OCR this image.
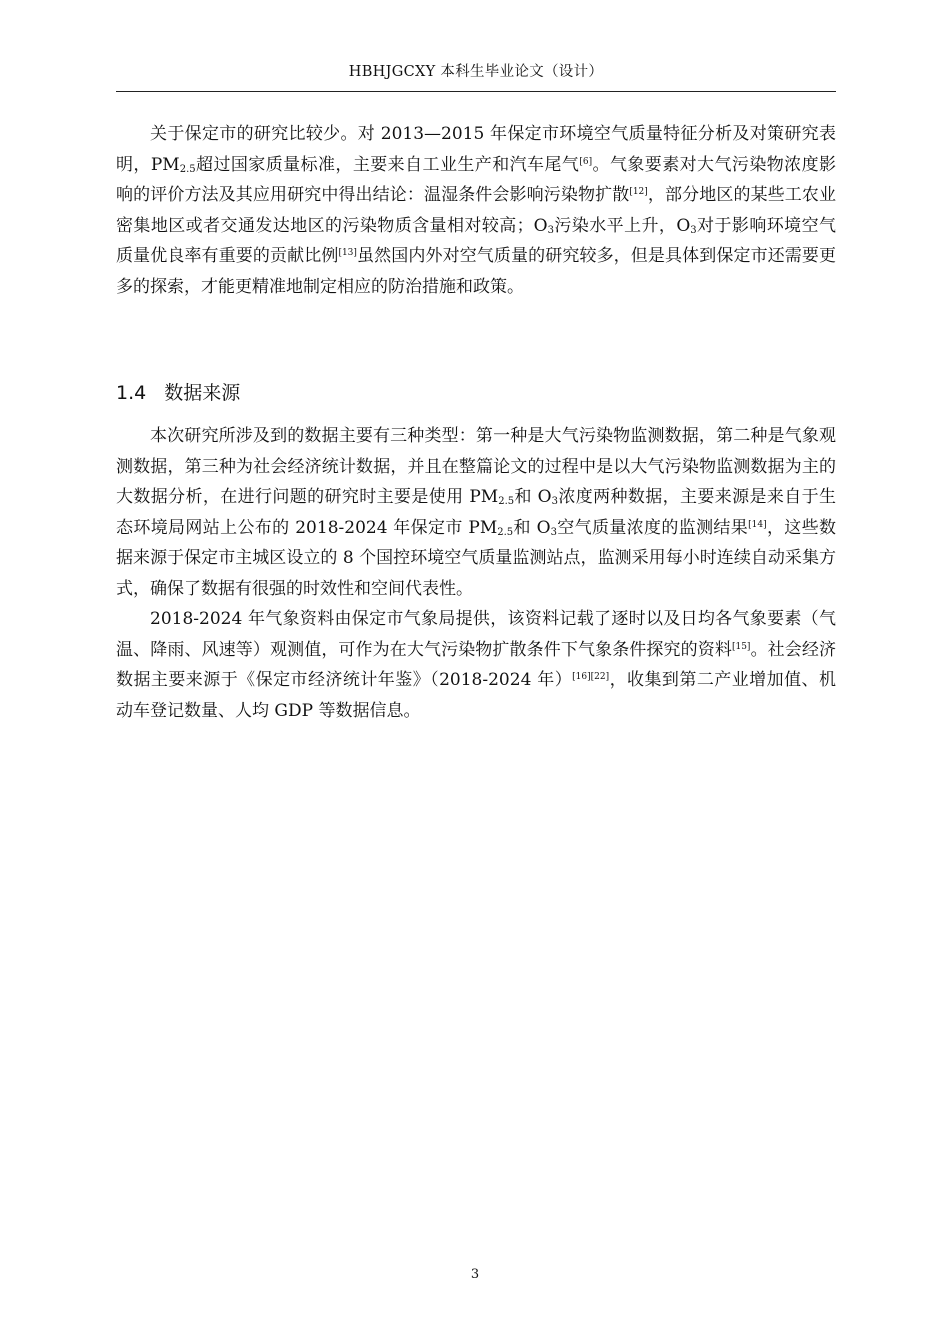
HBHJGCXY 本科生毕业论文（设计）

关于保定市的研究比较少。对 2013—2015 年保定市环境空气质量特征分析及对策研究表明，$PM_{2.5}$超过国家质量标准，主要来自工业生产和汽车尾气[6]。气象要素对大气污染物浓度影响的评价方法及其应用研究中得出结论：温湿条件会影响污染物扩散[12]，部分地区的某些工农业密集地区或者交通发达地区的污染物质含量相对较高；$O_3$污染水平上升，$O_3$对于影响环境空气质量优良率有重要的贡献比例[13]虽然国内外对空气质量的研究较多，但是具体到保定市还需要更多的探索，才能更精准地制定相应的防治措施和政策。

1.4 数据来源

本次研究所涉及到的数据主要有三种类型：第一种是大气污染物监测数据，第二种是气象观测数据，第三种为社会经济统计数据，并且在整篇论文的过程中是以大气污染物监测数据为主的大数据分析，在进行问题的研究时主要是使用 $PM_{2.5}$和 $O_3$浓度两种数据，主要来源是来自于生态环境局网站上公布的 2018-2024 年保定市 $PM_{2.5}$和 $O_3$空气质量浓度的监测结果[14]，这些数据来源于保定市主城区设立的 8 个国控环境空气质量监测站点，监测采用每小时连续自动采集方式，确保了数据有很强的时效性和空间代表性。

2018-2024 年气象资料由保定市气象局提供，该资料记载了逐时以及日均各气象要素（气温、降雨、风速等）观测值，可作为在大气污染物扩散条件下气象条件探究的资料[15]。社会经济数据主要来源于《保定市经济统计年鉴》（2018-2024 年）[16][22]，收集到第二产业增加值、机动车登记数量、人均 GDP 等数据信息。

3
